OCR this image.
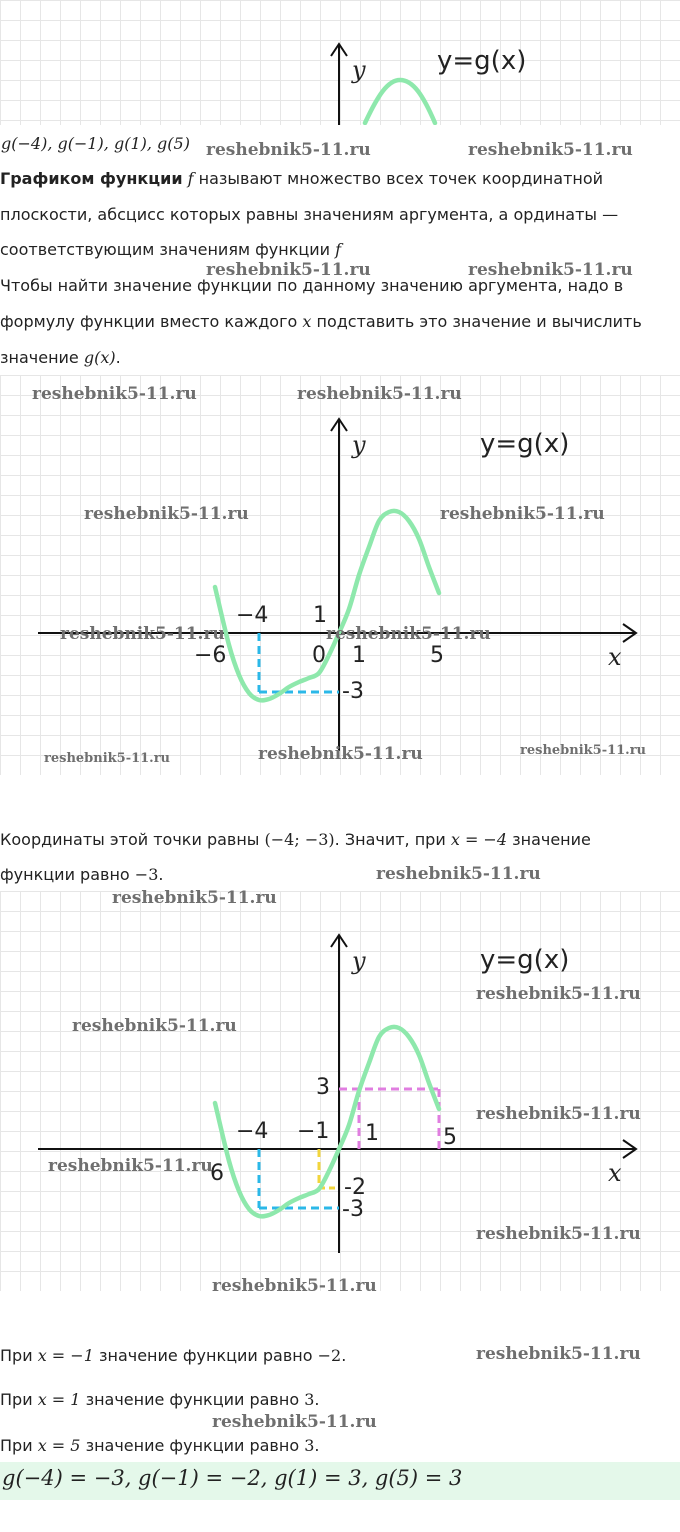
y	y=g(x)
g(−4), g(−1), g(1), g(5)
Графиком функции f называют множество всех точек координатной
плоскости, абсцисс которых равны значениям аргумента, а ординаты —
соответствующим значениям функции f
Чтобы найти значение функции по данному значению аргумента, надо в
формулу функции вместо каждого x подставить это значение и вычислить
значение g(x).
y	y=g(x)
x
−4
−6	0
1
1	5
-3
Координаты этой точки равны (−4; −3). Значит, при x = −4 значение
функции равно −3.
y	y=g(x)
x
3
−4 −1 1	5
6
-2
-3
При x = −1 значение функции равно −2.
При x = 1 значение функции равно 3.
При x = 5 значение функции равно 3.
g(−4) = −3, g(−1) = −2, g(1) = 3, g(5) = 3
reshebnik5-11.ru	reshebnik5-11.ru
reshebnik5-11.ru	reshebnik5-11.ru
reshebnik5-11.ru	reshebnik5-11.ru
reshebnik5-11.ru	reshebnik5-11.ru
reshebnik5-11.ru	reshebnik5-11.ru
reshebnik5-11.ru	reshebnik5-11.ru	reshebnik5-11.ru
reshebnik5-11.ru
reshebnik5-11.ru
reshebnik5-11.ru
reshebnik5-11.ru
reshebnik5-11.ru
reshebnik5-11.ru
reshebnik5-11.ru
reshebnik5-11.ru
reshebnik5-11.ru
reshebnik5-11.ru
